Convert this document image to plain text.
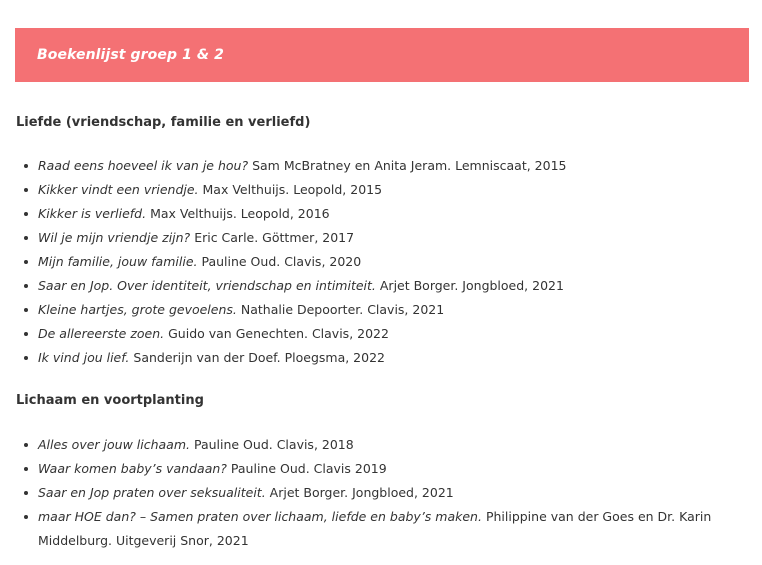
Boekenlijst groep 1 & 2
Liefde (vriendschap, familie en verliefd)
Raad eens hoeveel ik van je hou? Sam McBratney en Anita Jeram. Lemniscaat, 2015
Kikker vindt een vriendje. Max Velthuijs. Leopold, 2015
Kikker is verliefd. Max Velthuijs. Leopold, 2016
Wil je mijn vriendje zijn? Eric Carle. Göttmer, 2017
Mijn familie, jouw familie. Pauline Oud. Clavis, 2020
Saar en Jop. Over identiteit, vriendschap en intimiteit. Arjet Borger. Jongbloed, 2021
Kleine hartjes, grote gevoelens. Nathalie Depoorter. Clavis, 2021
De allereerste zoen. Guido van Genechten. Clavis, 2022
Ik vind jou lief. Sanderijn van der Doef. Ploegsma, 2022
Lichaam en voortplanting
Alles over jouw lichaam. Pauline Oud. Clavis, 2018
Waar komen baby’s vandaan? Pauline Oud. Clavis 2019
Saar en Jop praten over seksualiteit. Arjet Borger. Jongbloed, 2021
maar HOE dan? – Samen praten over lichaam, liefde en baby’s maken. Philippine van der Goes en Dr. Karin Middelburg. Uitgeverij Snor, 2021
